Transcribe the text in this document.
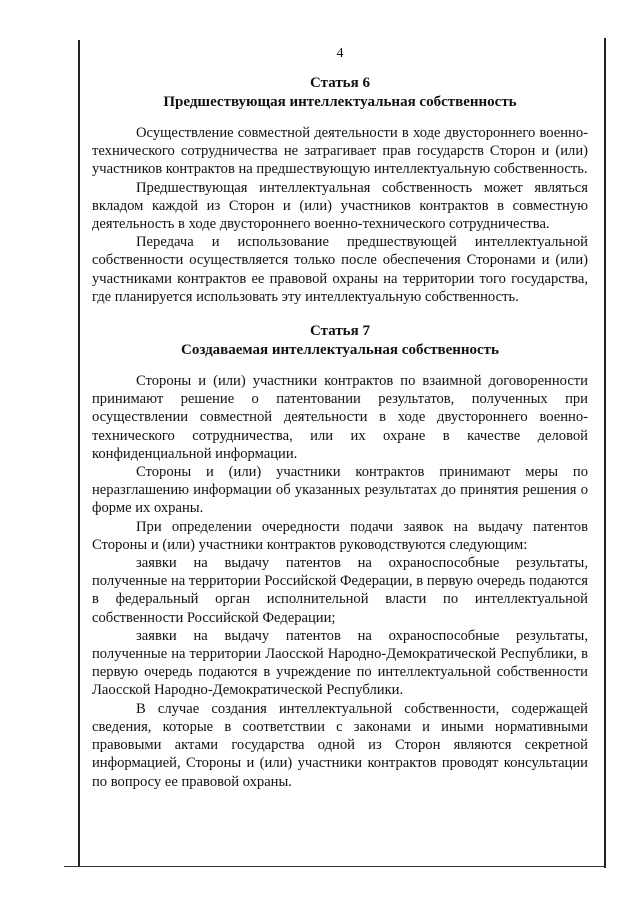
4
Статья 6
Предшествующая интеллектуальная собственность

Осуществление совместной деятельности в ходе двустороннего военно-технического сотрудничества не затрагивает прав государств Сторон и (или) участников контрактов на предшествующую интеллектуальную собственность.

Предшествующая интеллектуальная собственность может являться вкладом каждой из Сторон и (или) участников контрактов в совместную деятельность в ходе двустороннего военно-технического сотрудничества.

Передача и использование предшествующей интеллектуальной собственности осуществляется только после обеспечения Сторонами и (или) участниками контрактов ее правовой охраны на территории того государства, где планируется использовать эту интеллектуальную собственность.

Статья 7
Создаваемая интеллектуальная собственность

Стороны и (или) участники контрактов по взаимной договоренности принимают решение о патентовании результатов, полученных при осуществлении совместной деятельности в ходе двустороннего военно-технического сотрудничества, или их охране в качестве деловой конфиденциальной информации.

Стороны и (или) участники контрактов принимают меры по неразглашению информации об указанных результатах до принятия решения о форме их охраны.

При определении очередности подачи заявок на выдачу патентов Стороны и (или) участники контрактов руководствуются следующим:

заявки на выдачу патентов на охраноспособные результаты, полученные на территории Российской Федерации, в первую очередь подаются в федеральный орган исполнительной власти по интеллектуальной собственности Российской Федерации;

заявки на выдачу патентов на охраноспособные результаты, полученные на территории Лаосской Народно-Демократической Республики, в первую очередь подаются в учреждение по интеллектуальной собственности Лаосской Народно-Демократической Республики.

В случае создания интеллектуальной собственности, содержащей сведения, которые в соответствии с законами и иными нормативными правовыми актами государства одной из Сторон являются секретной информацией, Стороны и (или) участники контрактов проводят консультации по вопросу ее правовой охраны.
